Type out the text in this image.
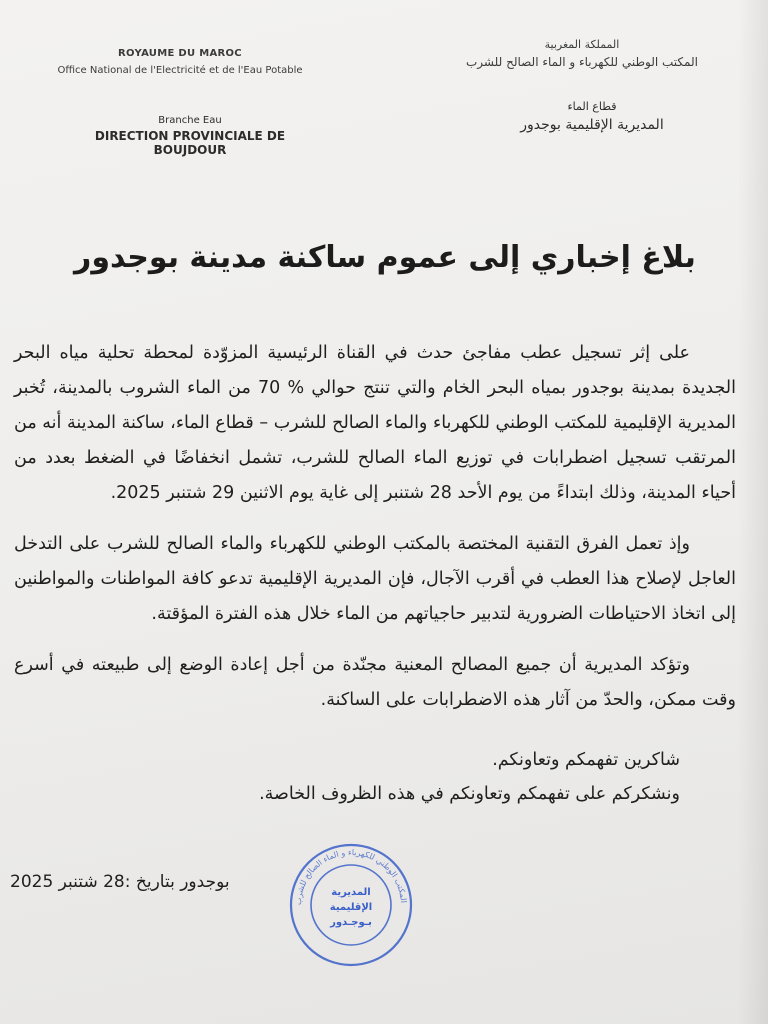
ROYAUME DU MAROC
Office National de l'Electricité et de l'Eau Potable
Branche Eau
DIRECTION PROVINCIALE DE BOUJDOUR
المملكة المغربية
المكتب الوطني للكهرباء و الماء الصالح للشرب
قطاع الماء
المديرية الإقليمية بوجدور
بلاغ إخباري إلى عموم ساكنة مدينة بوجدور

على إثر تسجيل عطب مفاجئ حدث في القناة الرئيسية المزوّدة لمحطة تحلية مياه البحر الجديدة بمدينة بوجدور بمياه البحر الخام والتي تنتج حوالي % 70 من الماء الشروب بالمدينة، تُخبر المديرية الإقليمية للمكتب الوطني للكهرباء والماء الصالح للشرب – قطاع الماء، ساكنة المدينة أنه من المرتقب تسجيل اضطرابات في توزيع الماء الصالح للشرب، تشمل انخفاضًا في الضغط بعدد من أحياء المدينة، وذلك ابتداءً من يوم الأحد 28 شتنبر إلى غاية يوم الاثنين 29 شتنبر 2025.

وإذ تعمل الفرق التقنية المختصة بالمكتب الوطني للكهرباء والماء الصالح للشرب على التدخل العاجل لإصلاح هذا العطب في أقرب الآجال، فإن المديرية الإقليمية تدعو كافة المواطنات والمواطنين إلى اتخاذ الاحتياطات الضرورية لتدبير حاجياتهم من الماء خلال هذه الفترة المؤقتة.

وتؤكد المديرية أن جميع المصالح المعنية مجنّدة من أجل إعادة الوضع إلى طبيعته في أسرع وقت ممكن، والحدّ من آثار هذه الاضطرابات على الساكنة.

شاكرين تفهمكم وتعاونكم.
ونشكركم على تفهمكم وتعاونكم في هذه الظروف الخاصة.
بوجدور بتاريخ :28 شتنبر 2025
المكتب الوطني للكهرباء و الماء الصالح للشرب
المديرية
الإقليمية
بـوجـدور
